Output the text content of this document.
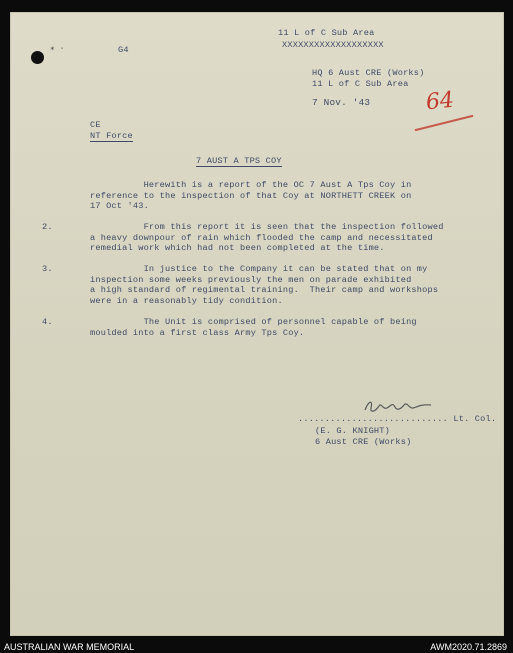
∗ ⋅
11 L of C Sub Area
XXXXXXXXXXXXXXXXXXX
G4
HQ 6 Aust CRE (Works)
11 L of C Sub Area
7 Nov. '43 64
CE
NT Force
7 AUST A TPS COY
Herewith is a report of the OC 7 Aust A Tps Coy in
reference to the inspection of that Coy at NORTHETT CREEK on
17 Oct '43.
2.	From this report it is seen that the inspection followed
a heavy downpour of rain which flooded the camp and necessitated
remedial work which had not been completed at the time.
3.	In justice to the Company it can be stated that on my
inspection some weeks previously the men on parade exhibited
a high standard of regimental training.  Their camp and workshops
were in a reasonably tidy condition.
4.	The Unit is comprised of personnel capable of being
moulded into a first class Army Tps Coy.
............................ Lt. Col.
(E. G. KNIGHT)
6 Aust CRE (Works)
AUSTRALIAN WAR MEMORIAL	AWM2020.71.2869
